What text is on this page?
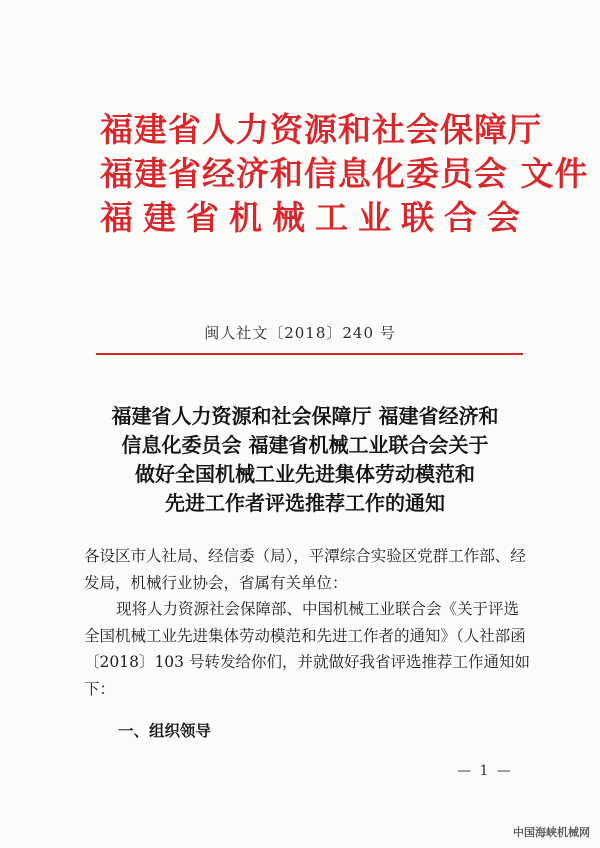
福建省人力资源和社会保障厅
福建省经济和信息化委员会 文件
福建省机械工业联合会
闽人社文〔2018〕240 号
福建省人力资源和社会保障厅 福建省经济和
信息化委员会 福建省机械工业联合会关于
做好全国机械工业先进集体劳动模范和
先进工作者评选推荐工作的通知

各设区市人社局、经信委（局），平潭综合实验区党群工作部、经发局，机械行业协会，省属有关单位：

现将人力资源社会保障部、中国机械工业联合会《关于评选全国机械工业先进集体劳动模范和先进工作者的通知》（人社部函〔2018〕103 号转发给你们，并就做好我省评选推荐工作通知如下：

一、组织领导
— 1 —
中国海峡机械网
